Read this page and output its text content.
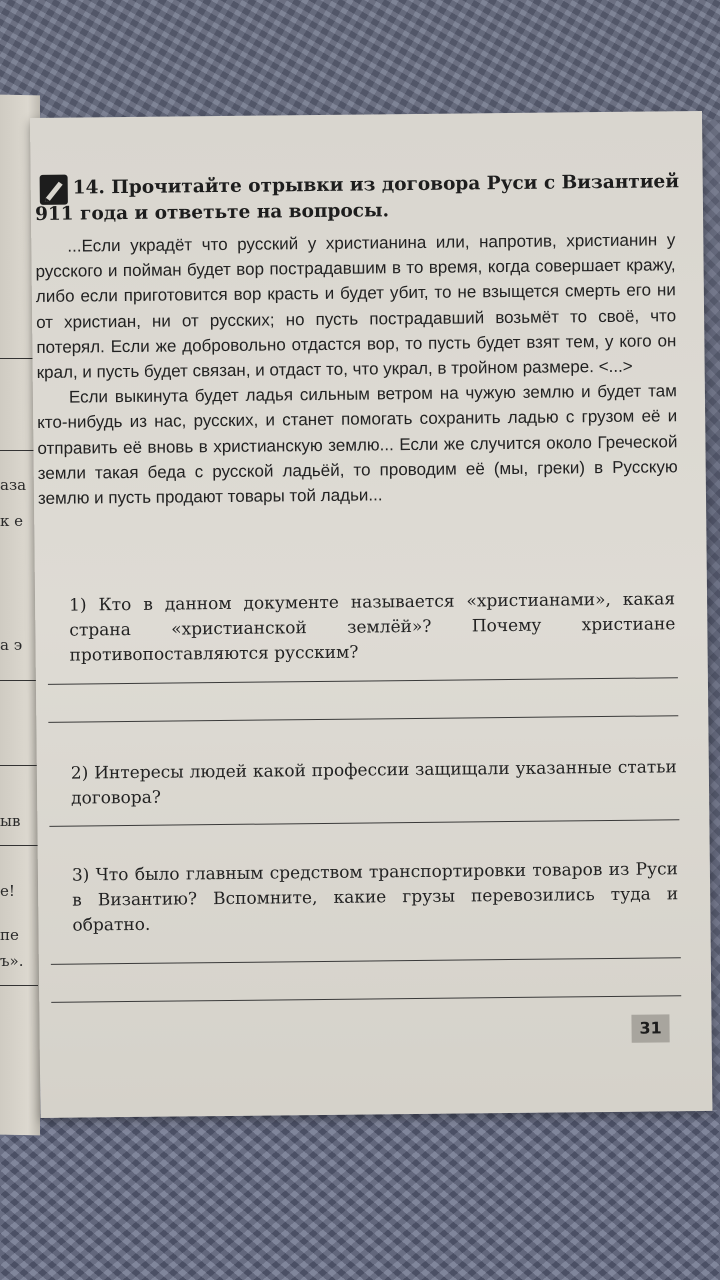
аза
к е
а э
ыв
е!
пе
ъ».
14. Прочитайте отрывки из договора Руси с Византией
911 года и ответьте на вопросы.

...Если украдёт что русский у христианина или, напротив, христианин у русского и пойман будет вор пострадавшим в то время, когда совершает кражу, либо если приготовится вор красть и будет убит, то не взыщется смерть его ни от христиан, ни от русских; но пусть пострадавший возьмёт то своё, что потерял. Если же добровольно отдастся вор, то пусть будет взят тем, у кого он крал, и пусть будет связан, и отдаст то, что украл, в тройном размере. <...>

Если выкинута будет ладья сильным ветром на чужую землю и будет там кто-нибудь из нас, русских, и станет помогать сохранить ладью с грузом её и отправить её вновь в христианскую землю... Если же случится около Греческой земли такая беда с русской ладьёй, то проводим её (мы, греки) в Русскую землю и пусть продают товары той ладьи...

1) Кто в данном документе называется «христианами», какая страна «христианской землёй»? Почему христиане противопоставляются русским?
2) Интересы людей какой профессии защищали указанные статьи договора?
3) Что было главным средством транспортировки товаров из Руси в Византию? Вспомните, какие грузы перевозились туда и обратно.
31
